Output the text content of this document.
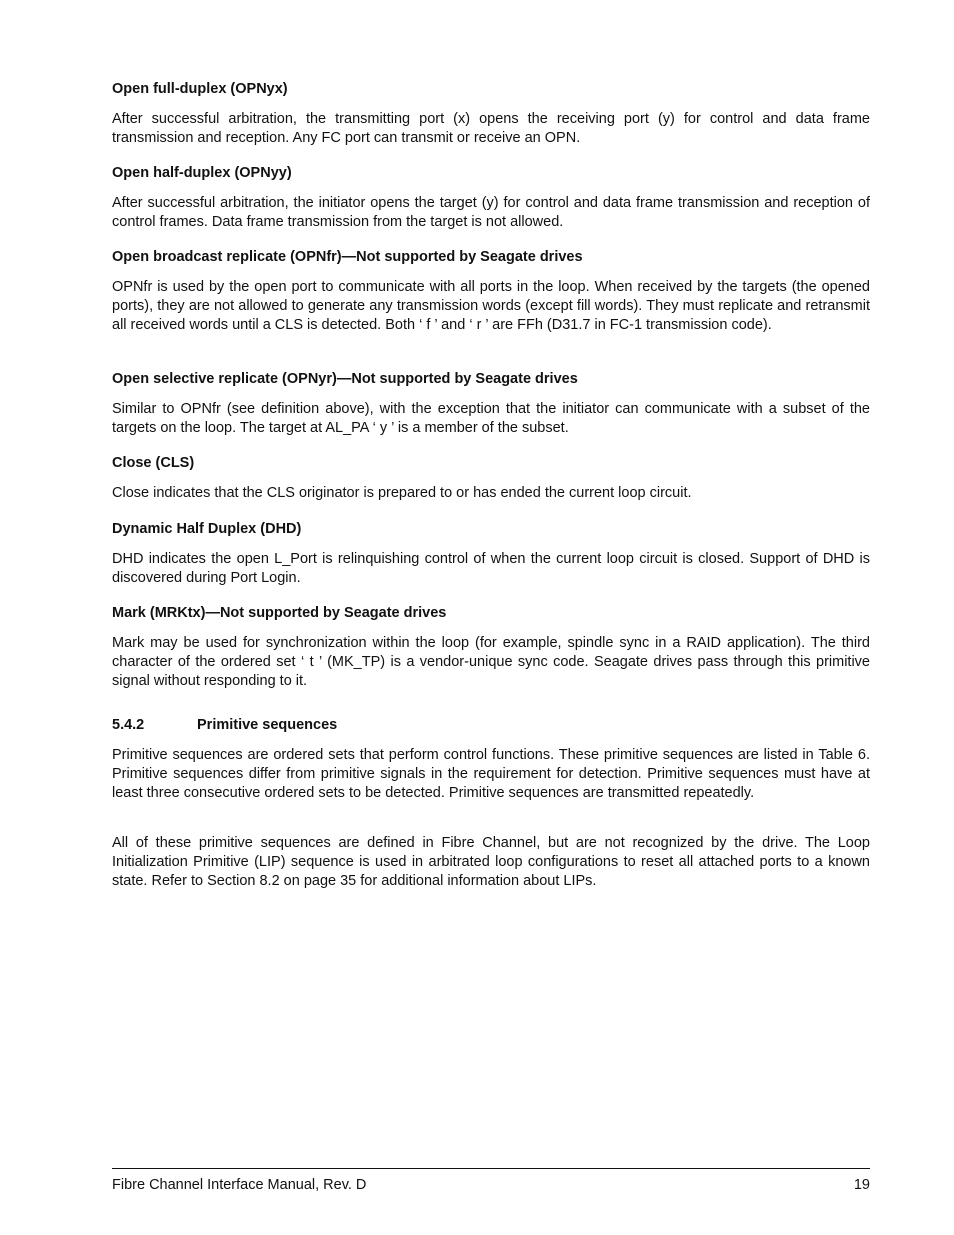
Open full-duplex (OPNyx)
After successful arbitration, the transmitting port (x) opens the receiving port (y) for control and data frame transmission and reception. Any FC port can transmit or receive an OPN.
Open half-duplex (OPNyy)
After successful arbitration, the initiator opens the target (y) for control and data frame transmission and reception of control frames. Data frame transmission from the target is not allowed.
Open broadcast replicate (OPNfr)—Not supported by Seagate drives
OPNfr is used by the open port to communicate with all ports in the loop. When received by the targets (the opened ports), they are not allowed to generate any transmission words (except fill words). They must replicate and retransmit all received words until a CLS is detected. Both ‘ f ’ and ‘ r ’ are FFh (D31.7 in FC-1 transmission code).
Open selective replicate (OPNyr)—Not supported by Seagate drives
Similar to OPNfr (see definition above), with the exception that the initiator can communicate with a subset of the targets on the loop. The target at AL_PA ‘ y ’ is a member of the subset.
Close (CLS)
Close indicates that the CLS originator is prepared to or has ended the current loop circuit.
Dynamic Half Duplex (DHD)
DHD indicates the open L_Port is relinquishing control of when the current loop circuit is closed. Support of DHD is discovered during Port Login.
Mark (MRKtx)—Not supported by Seagate drives
Mark may be used for synchronization within the loop (for example, spindle sync in a RAID application). The third character of the ordered set ‘ t ’ (MK_TP) is a vendor-unique sync code. Seagate drives pass through this primitive signal without responding to it.
5.4.2	Primitive sequences
Primitive sequences are ordered sets that perform control functions. These primitive sequences are listed in Table 6. Primitive sequences differ from primitive signals in the requirement for detection. Primitive sequences must have at least three consecutive ordered sets to be detected. Primitive sequences are transmitted repeatedly.
All of these primitive sequences are defined in Fibre Channel, but are not recognized by the drive. The Loop Initialization Primitive (LIP) sequence is used in arbitrated loop configurations to reset all attached ports to a known state. Refer to Section 8.2 on page 35 for additional information about LIPs.
Fibre Channel Interface Manual, Rev. D	19
